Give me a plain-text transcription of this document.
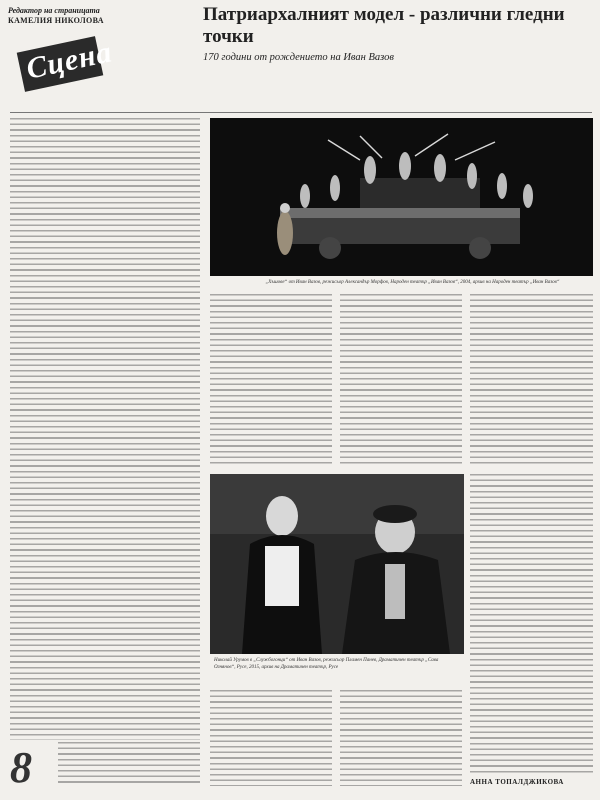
Редактор на страницата
КАМЕЛИЯ НИКОЛОВА
Сцена
Патриархалният модел - различни гледни точки
170 години от рождението на Иван Вазов
„Хъшове“ от Иван Вазов, режисьор Александър Морфов, Народен театър „Иван Вазов“, 2004, архив на Народен театър „Иван Вазов“
Николай Урумов в „Службогонци“ от Иван Вазов, режисьор Пламен Панев, Драматичен театър „Сава Огнянов“, Русе, 2015, архив на Драматичен театър, Русе
8	АННА ТОПАЛДЖИКОВА
